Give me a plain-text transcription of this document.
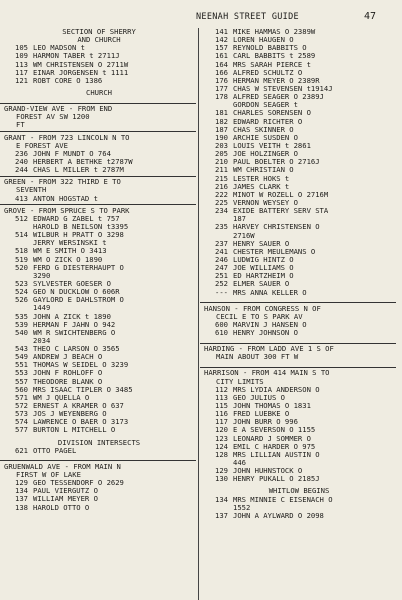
NEENAH STREET GUIDE	47
SECTION OF SHERRY
AND CHURCH
105 LEO MADSON t
109 HARMON TABER t 2711J
113 WM CHRISTENSEN O 2711W
117 EINAR JORGENSEN t 1111
121 ROBT CORE O 1386
CHURCH
GRAND-VIEW AVE - FROM END
FOREST AV SW 1200
FT
GRANT - FROM 723 LINCOLN N TO
E FOREST AVE
236 JOHN F MUNDT O 764
240 HERBERT A BETHKE t2787W
244 CHAS L MILLER t 2787M
GREEN - FROM 322 THIRD E TO
SEVENTH
413 ANTON HOGSTAD t
GROVE - FROM SPRUCE S TO PARK
512 EDWARD G ZABEL t 757
HAROLD B NEILSON t3395
514 WILBUR H PRATT O 3298
JERRY WERSINSKI t
518 WM E SMITH O 3413
519 WM O ZICK O 1890
520 FERD G DIESTERHAUPT O
3290
523 SYLVESTER GOESER O
524 GEO N DUCKLOW O 606R
526 GAYLORD E DAHLSTROM O
1449
535 JOHN A ZICK t 1890
539 HERMAN F JAHN O 942
540 WM R SWICHTENBERG O
2034
543 THEO C LARSON O 3565
549 ANDREW J BEACH O
551 THOMAS W SEIDEL O 3239
553 JOHN F ROHLOFF O
557 THEODORE BLANK O
560 MRS ISAAC TIPLER O 3485
571 WM J QUELLA O
572 ERNEST A KRAMER O 637
573 JOS J WEYENBERG O
574 LAWRENCE O BAER O 3173
577 BURTON L MITCHELL O
DIVISION INTERSECTS
621 OTTO PAGEL
GRUENWALD AVE - FROM MAIN N
FIRST W OF LAKE
129 GEO TESSENDORF O 2629
134 PAUL VIERGUTZ O
137 WILLIAM MEYER O
138 HAROLD OTTO O
141 MIKE HAMMAS O 2389W
142 LOREN HAUGEN O
157 REYNOLD BABBITS O
161 CARL BABBITS t 2589
164 MRS SARAH PIERCE t
166 ALFRED SCHULTZ O
176 HERMAN MEYER O 2389R
177 CHAS W STEVENSEN t1914J
178 ALFRED SEAGER O 2389J
GORDON SEAGER t
181 CHARLES SORENSEN O
182 EDWARD RICHTER O
187 CHAS SKINNER O
190 ARCHIE SUSDEN O
203 LOUIS VEITH t 2861
205 JOE HOLZINGER O
210 PAUL BOELTER O 2716J
211 WM CHRISTIAN O
215 LESTER HOKS t
216 JAMES CLARK t
222 MINOT W ROZELL O 2716M
225 VERNON WEYSEY O
234 EXIDE BATTERY SERV STA
187
235 HARVEY CHRISTENSEN O
2716W
237 HENRY SAUER O
241 CHESTER MEULEMANS O
246 LUDWIG HINTZ O
247 JOE WILLIAMS O
251 ED HARTZHEIM O
252 ELMER SAUER O
--- MRS ANNA KELLER O
HANSON - FROM CONGRESS N OF
CECIL E TO S PARK AV
600 MARVIN J HANSEN O
610 HENRY JOHNSON O
HARDING - FROM LADD AVE 1 S OF
MAIN ABOUT 300 FT W
HARRISON - FROM 414 MAIN S TO
CITY LIMITS
112 MRS LYDIA ANDERSON O
113 GEO JULIUS O
115 JOHN THOMAS O 1831
116 FRED LUEBKE O
117 JOHN BURR O 996
120 E A SEVERSON O 1155
123 LEONARD J SOMMER O
124 EMIL C HARDER O 975
128 MRS LILLIAN AUSTIN O
446
129 JOHN HUHNSTOCK O
130 HENRY PUKALL O 2185J
WHITLOW BEGINS
134 MRS MINNIE C EISENACH O
1552
137 JOHN A AYLWARD O 2098
